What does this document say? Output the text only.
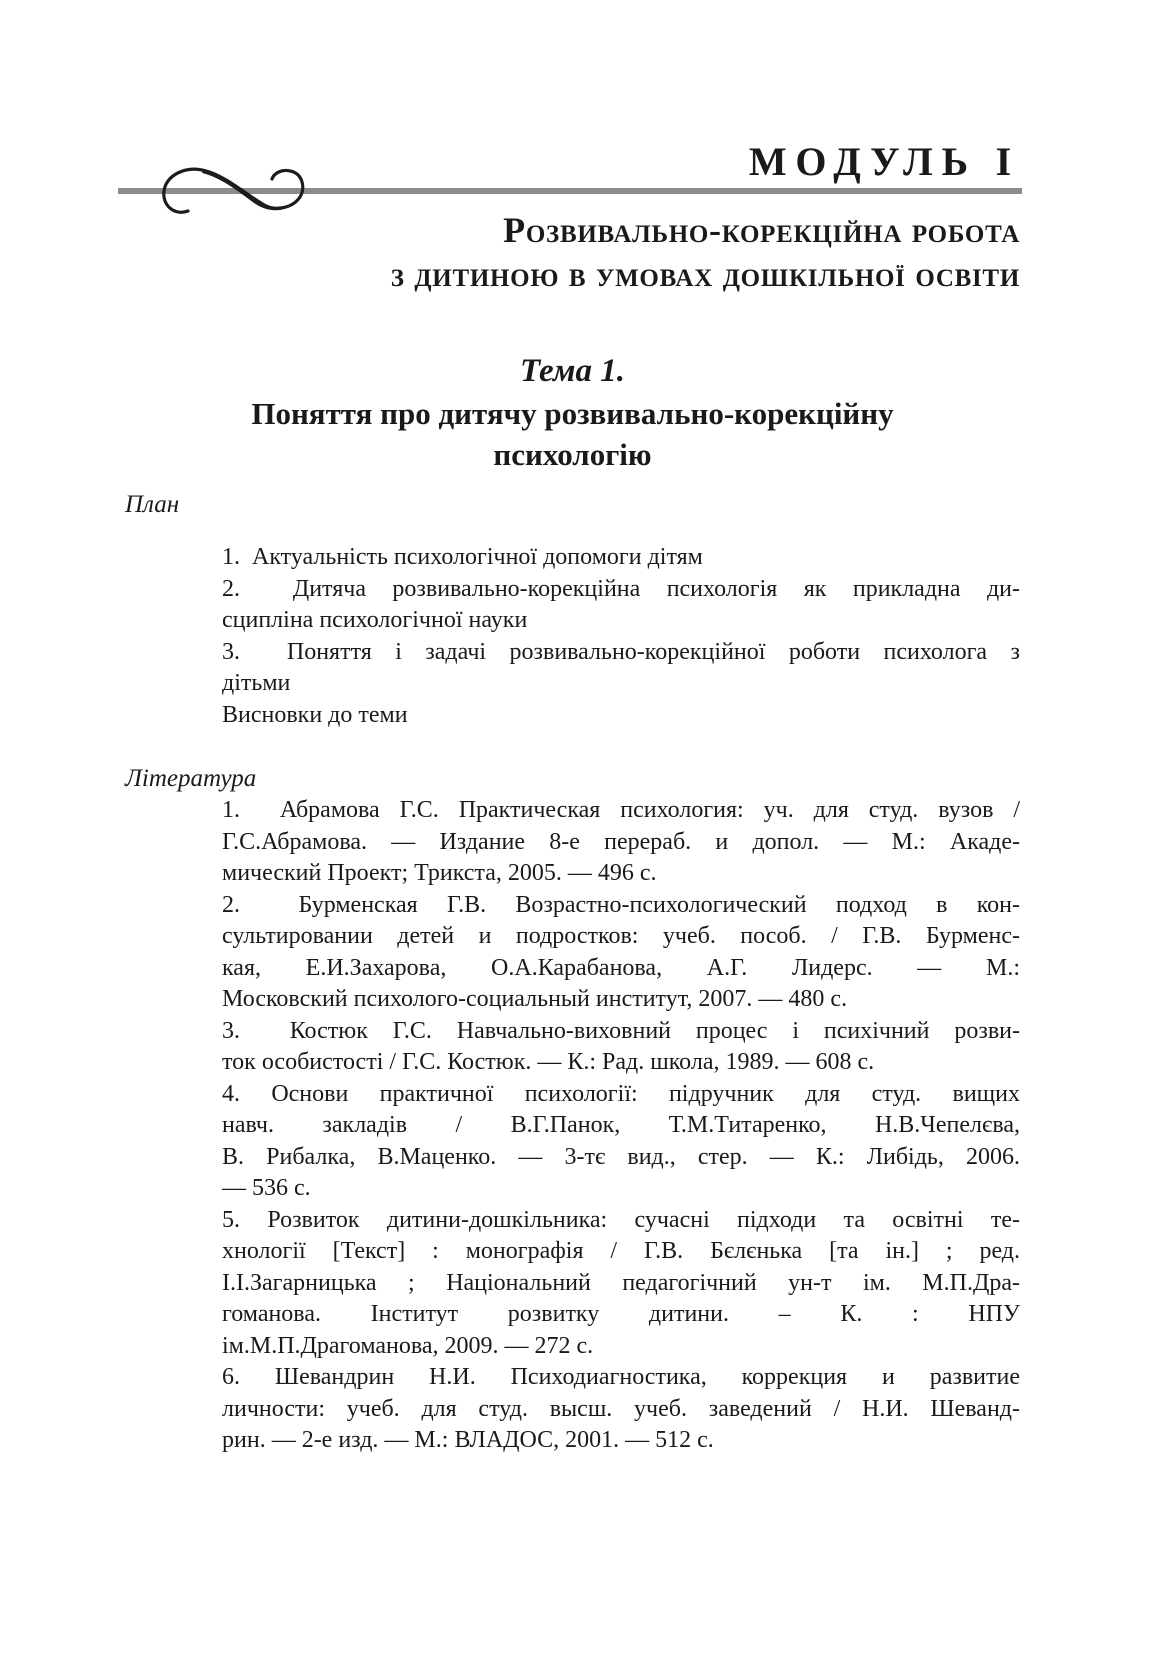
МОДУЛЬ І
Розвивально-корекційна робота
з дитиною в умовах дошкільної освіти
Тема 1.
Поняття про дитячу розвивально-корекційну
психологію
План
1.  Актуальність психологічної допомоги дітям
2.  Дитяча розвивально-корекційна психологія як прикладна ди-
сципліна психологічної науки
3.  Поняття і задачі розвивально-корекційної роботи психолога з
дітьми
Висновки до теми
Література
1.  Абрамова Г.С. Практическая психология: уч. для студ. вузов /
Г.С.Абрамова. — Издание 8-е перераб. и допол. — М.: Акаде-
мический Проект; Трикста, 2005. — 496 с.
2.  Бурменская Г.В. Возрастно-психологический подход в кон-
сультировании детей и подростков: учеб. пособ. / Г.В. Бурменс-
кая, Е.И.Захарова, О.А.Карабанова, А.Г. Лидерс. — М.:
Московский психолого-социальный институт, 2007. — 480 с.
3.  Костюк Г.С. Навчально-виховний процес і психічний розви-
ток особистості / Г.С. Костюк. — К.: Рад. школа, 1989. — 608 с.
4. Основи практичної психології: підручник для студ. вищих
навч. закладів / В.Г.Панок, Т.М.Титаренко, Н.В.Чепелєва,
В. Рибалка, В.Маценко. — 3-тє вид., стер. — К.: Либідь, 2006.
— 536 с.
5. Розвиток дитини-дошкільника: сучасні підходи та освітні те-
хнології [Текст] : монографія / Г.В. Бєлєнька [та ін.] ; ред.
І.І.Загарницька ; Національний педагогічний ун-т ім. М.П.Дра-
гоманова. Інститут розвитку дитини. – К. : НПУ
ім.М.П.Драгоманова, 2009. — 272 с.
6. Шевандрин Н.И. Психодиагностика, коррекция и развитие
личности: учеб. для студ. высш. учеб. заведений / Н.И. Шеванд-
рин. — 2-е изд. — М.: ВЛАДОС, 2001. — 512 с.
